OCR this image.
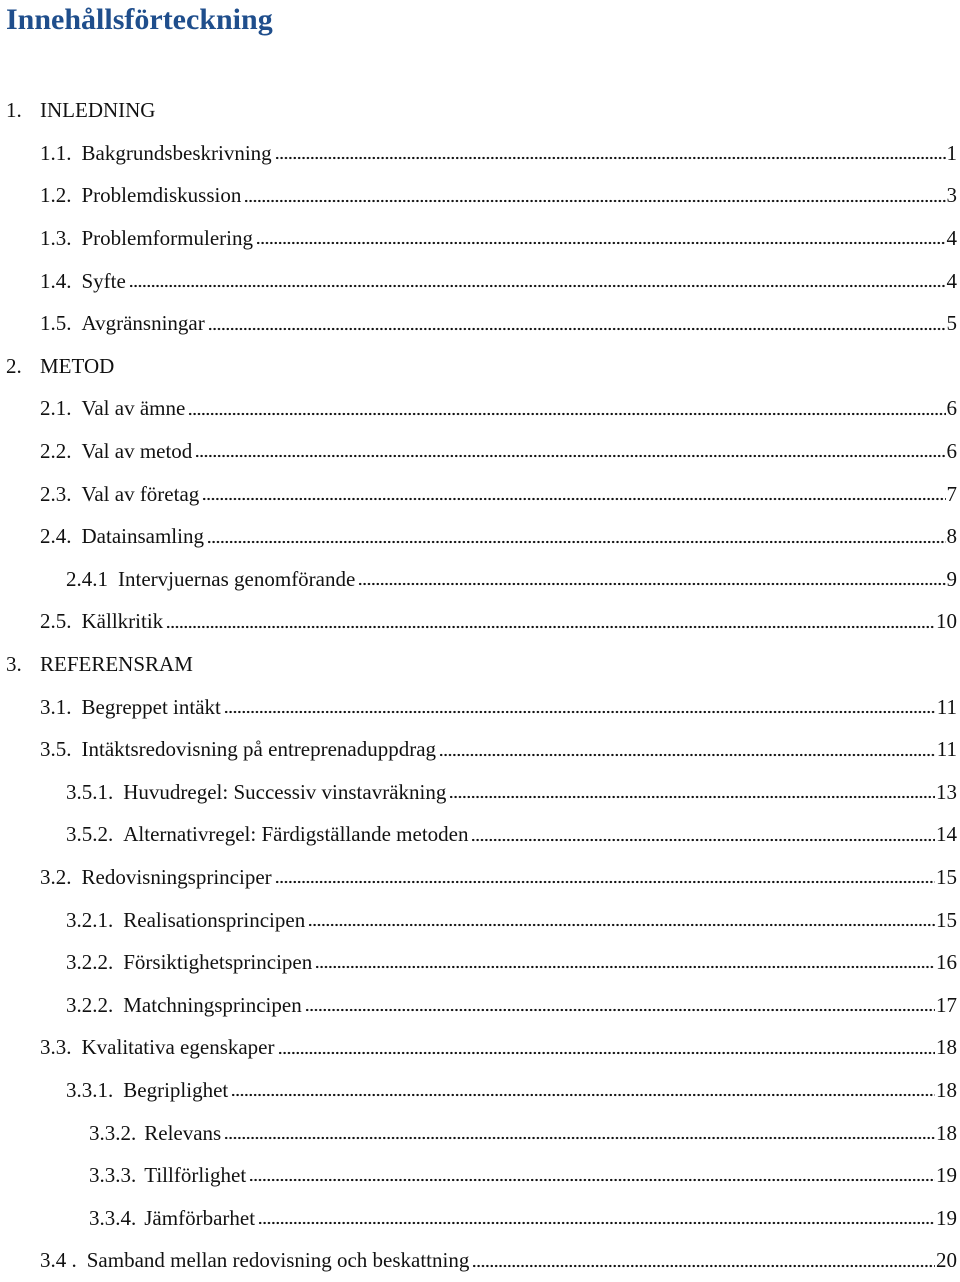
Innehållsförteckning
1. INLEDNING
1.1. Bakgrundsbeskrivning	1
1.2. Problemdiskussion	3
1.3. Problemformulering	4
1.4. Syfte	4
1.5. Avgränsningar	5
2. METOD
2.1. Val av ämne	6
2.2. Val av metod	6
2.3. Val av företag	7
2.4. Datainsamling	8
2.4.1 Intervjuernas genomförande	9
2.5. Källkritik	10
3. REFERENSRAM
3.1. Begreppet intäkt	11
3.5. Intäktsredovisning på entreprenaduppdrag	11
3.5.1. Huvudregel: Successiv vinstavräkning	13
3.5.2. Alternativregel: Färdigställande metoden	14
3.2. Redovisningsprinciper	15
3.2.1. Realisationsprincipen	15
3.2.2. Försiktighetsprincipen	16
3.2.2. Matchningsprincipen	17
3.3. Kvalitativa egenskaper	18
3.3.1. Begriplighet	18
3.3.2. Relevans	18
3.3.3. Tillförlighet	19
3.3.4. Jämförbarhet	19
3.4 . Samband mellan redovisning och beskattning	20
